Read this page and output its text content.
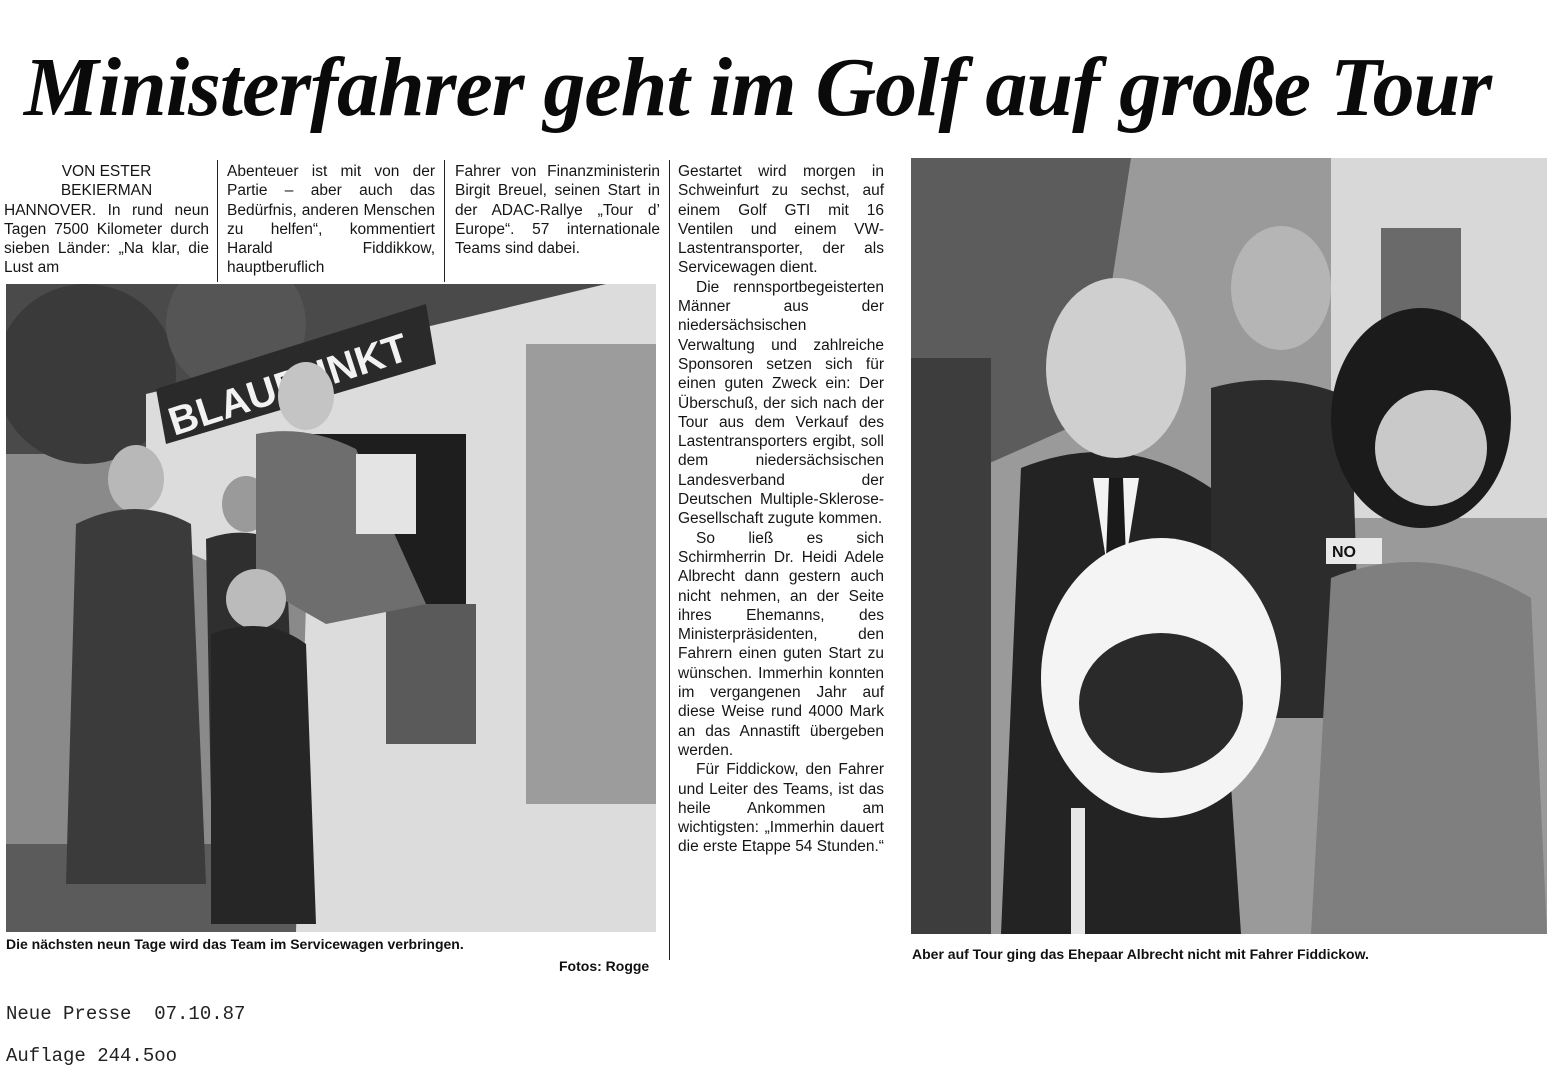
Ministerfahrer geht im Golf auf große Tour
VON ESTER
BEKIERMAN

HANNOVER. In rund neun Tagen 7500 Kilometer durch sieben Länder: „Na klar, die Lust am

Abenteuer ist mit von der Partie – aber auch das Bedürfnis, anderen Menschen zu helfen“, kommentiert Harald Fiddikkow, hauptberuflich

Fahrer von Finanzministerin Birgit Breuel, seinen Start in der ADAC-Rallye „Tour d’ Europe“. 57 internationale Teams sind dabei.

Gestartet wird morgen in Schweinfurt zu sechst, auf einem Golf GTI mit 16 Ventilen und einem VW-Lastentransporter, der als Servicewagen dient.

Die rennsportbegeisterten Männer aus der niedersächsischen Verwaltung und zahlreiche Sponsoren setzen sich für einen guten Zweck ein: Der Überschuß, der sich nach der Tour aus dem Verkauf des Lastentransporters ergibt, soll dem niedersächsischen Landesverband der Deutschen Multiple-Sklerose-Gesellschaft zugute kommen.

So ließ es sich Schirmherrin Dr. Heidi Adele Albrecht dann gestern auch nicht nehmen, an der Seite ihres Ehemanns, des Ministerpräsidenten, den Fahrern einen guten Start zu wünschen. Immerhin konnten im vergangenen Jahr auf diese Weise rund 4000 Mark an das Annastift übergeben werden.

Für Fiddickow, den Fahrer und Leiter des Teams, ist das heile Ankommen am wichtigsten: „Immerhin dauert die erste Etappe 54 Stunden.“

Die nächsten neun Tage wird das Team im Servicewagen verbringen.
Fotos: Rogge
NO
Aber auf Tour ging das Ehepaar Albrecht nicht mit Fahrer Fiddickow.
Neue Presse  07.10.87
Auflage 244.5oo
